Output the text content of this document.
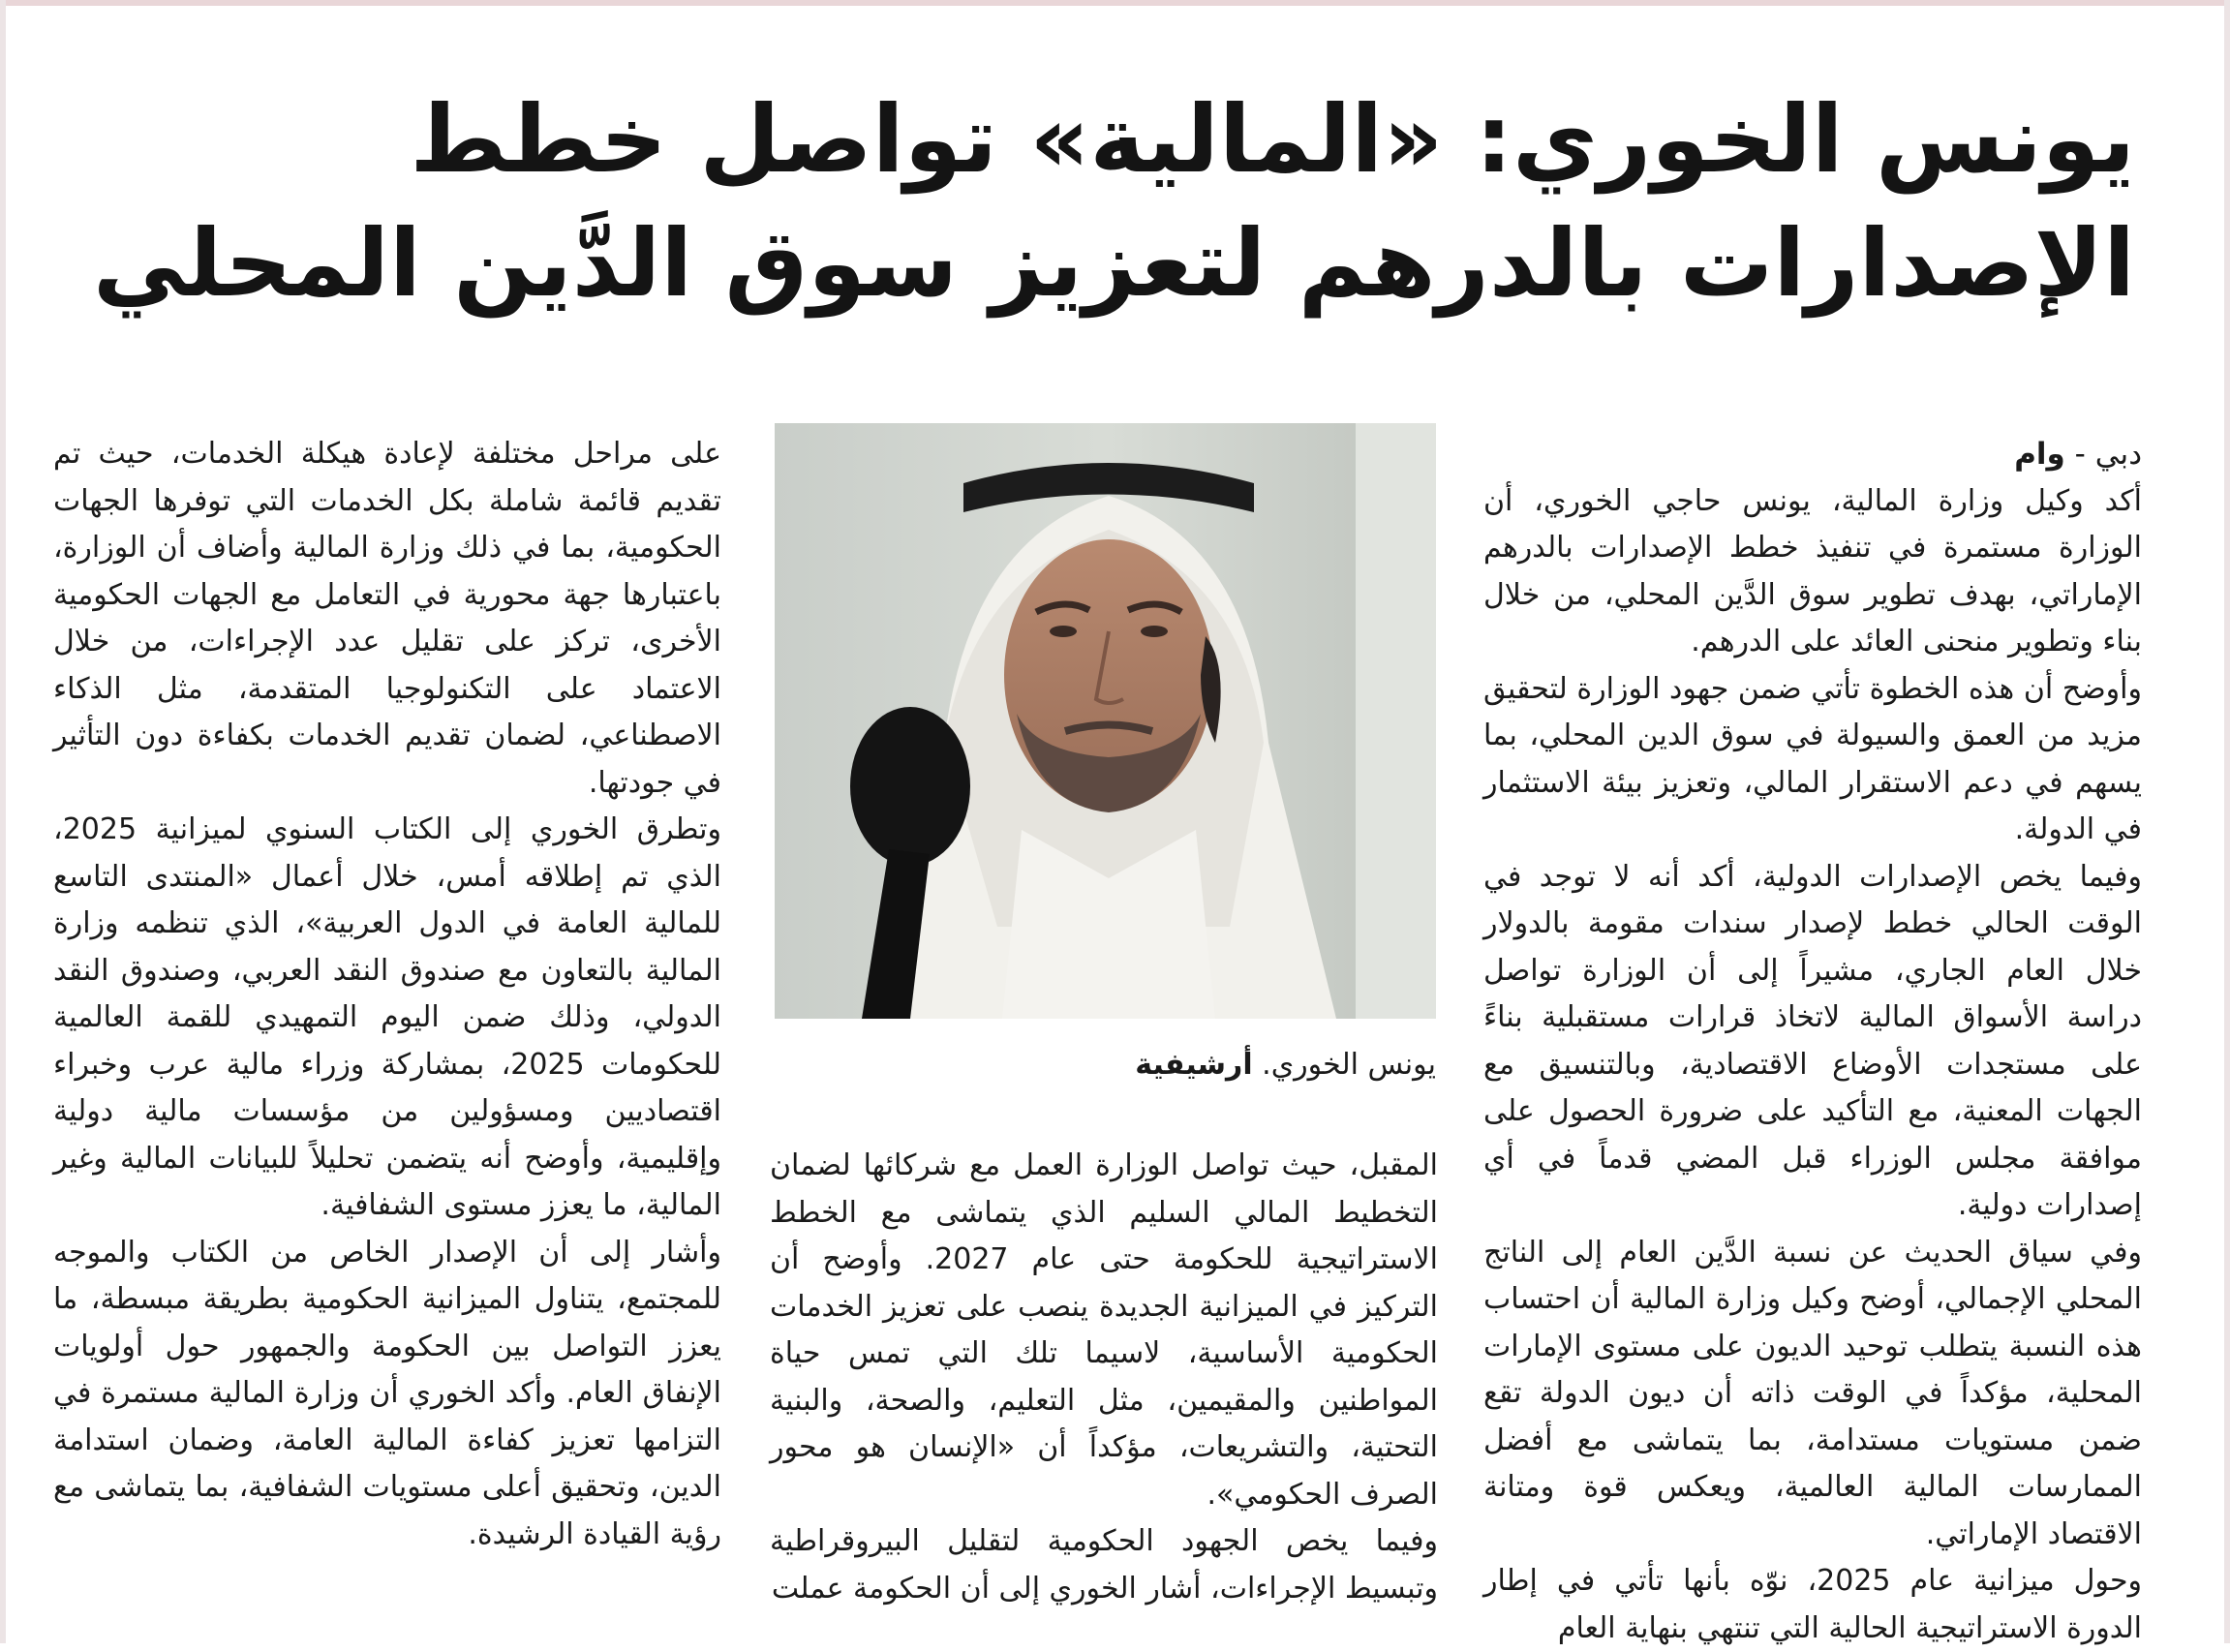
يونس الخوري: «المالية» تواصل خطط
الإصدارات بالدرهم لتعزيز سوق الدَّين المحلي

دبي - وام

أكد وكيل وزارة المالية، يونس حاجي الخوري، أن الوزارة مستمرة في تنفيذ خطط الإصدارات بالدرهم الإماراتي، بهدف تطوير سوق الدَّين المحلي، من خلال بناء وتطوير منحنى العائد على الدرهم.

وأوضح أن هذه الخطوة تأتي ضمن جهود الوزارة لتحقيق مزيد من العمق والسيولة في سوق الدين المحلي، بما يسهم في دعم الاستقرار المالي، وتعزيز بيئة الاستثمار في الدولة.

وفيما يخص الإصدارات الدولية، أكد أنه لا توجد في الوقت الحالي خطط لإصدار سندات مقومة بالدولار خلال العام الجاري، مشيراً إلى أن الوزارة تواصل دراسة الأسواق المالية لاتخاذ قرارات مستقبلية بناءً على مستجدات الأوضاع الاقتصادية، وبالتنسيق مع الجهات المعنية، مع التأكيد على ضرورة الحصول على موافقة مجلس الوزراء قبل المضي قدماً في أي إصدارات دولية.

وفي سياق الحديث عن نسبة الدَّين العام إلى الناتج المحلي الإجمالي، أوضح وكيل وزارة المالية أن احتساب هذه النسبة يتطلب توحيد الديون على مستوى الإمارات المحلية، مؤكداً في الوقت ذاته أن ديون الدولة تقع ضمن مستويات مستدامة، بما يتماشى مع أفضل الممارسات المالية العالمية، ويعكس قوة ومتانة الاقتصاد الإماراتي.

وحول ميزانية عام 2025، نوّه بأنها تأتي في إطار الدورة الاستراتيجية الحالية التي تنتهي بنهاية العام

يونس الخوري. أرشيفية

المقبل، حيث تواصل الوزارة العمل مع شركائها لضمان التخطيط المالي السليم الذي يتماشى مع الخطط الاستراتيجية للحكومة حتى عام 2027. وأوضح أن التركيز في الميزانية الجديدة ينصب على تعزيز الخدمات الحكومية الأساسية، لاسيما تلك التي تمس حياة المواطنين والمقيمين، مثل التعليم، والصحة، والبنية التحتية، والتشريعات، مؤكداً أن «الإنسان هو محور الصرف الحكومي».

وفيما يخص الجهود الحكومية لتقليل البيروقراطية وتبسيط الإجراءات، أشار الخوري إلى أن الحكومة عملت

على مراحل مختلفة لإعادة هيكلة الخدمات، حيث تم تقديم قائمة شاملة بكل الخدمات التي توفرها الجهات الحكومية، بما في ذلك وزارة المالية وأضاف أن الوزارة، باعتبارها جهة محورية في التعامل مع الجهات الحكومية الأخرى، تركز على تقليل عدد الإجراءات، من خلال الاعتماد على التكنولوجيا المتقدمة، مثل الذكاء الاصطناعي، لضمان تقديم الخدمات بكفاءة دون التأثير في جودتها.

وتطرق الخوري إلى الكتاب السنوي لميزانية 2025، الذي تم إطلاقه أمس، خلال أعمال «المنتدى التاسع للمالية العامة في الدول العربية»، الذي تنظمه وزارة المالية بالتعاون مع صندوق النقد العربي، وصندوق النقد الدولي، وذلك ضمن اليوم التمهيدي للقمة العالمية للحكومات 2025، بمشاركة وزراء مالية عرب وخبراء اقتصاديين ومسؤولين من مؤسسات مالية دولية وإقليمية، وأوضح أنه يتضمن تحليلاً للبيانات المالية وغير المالية، ما يعزز مستوى الشفافية.

وأشار إلى أن الإصدار الخاص من الكتاب والموجه للمجتمع، يتناول الميزانية الحكومية بطريقة مبسطة، ما يعزز التواصل بين الحكومة والجمهور حول أولويات الإنفاق العام. وأكد الخوري أن وزارة المالية مستمرة في التزامها تعزيز كفاءة المالية العامة، وضمان استدامة الدين، وتحقيق أعلى مستويات الشفافية، بما يتماشى مع رؤية القيادة الرشيدة.
